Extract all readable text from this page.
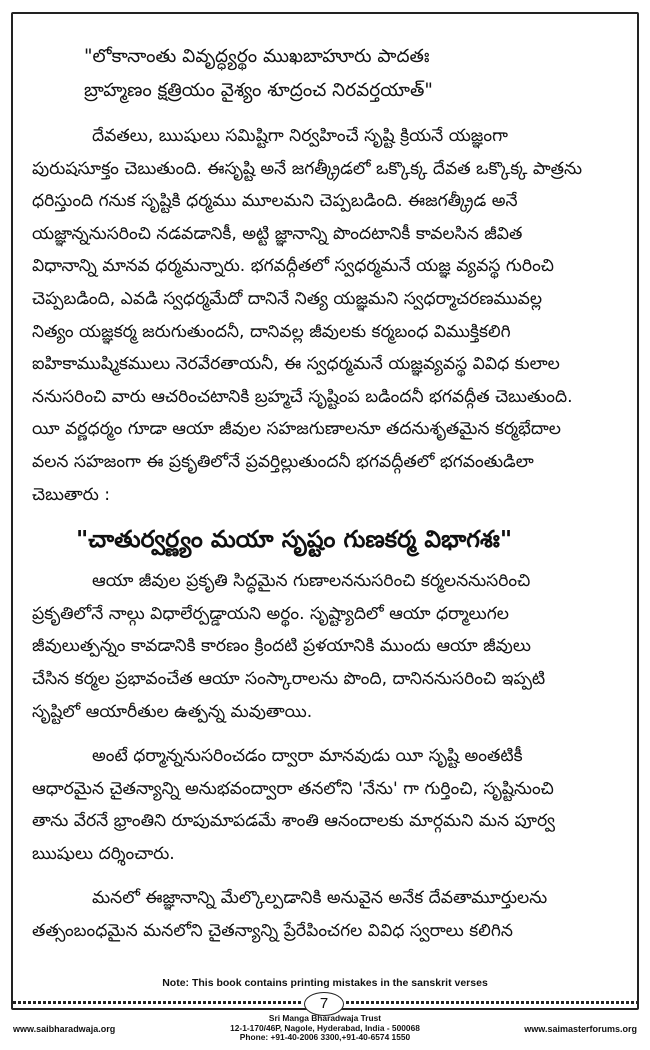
"లోకానాంతు వివృద్ధ్యర్థం ముఖబాహూరు పాదతః
బ్రాహ్మణం క్షత్రియం వైశ్యం శూద్రంచ నిరవర్తయాత్"

దేవతలు, ఋషులు సమిష్టిగా నిర్వహించే సృష్టి క్రియనే యజ్ఞంగా
పురుషసూక్తం చెబుతుంది. ఈసృష్టి అనే జగత్క్రీడలో ఒక్కొక్క దేవత ఒక్కొక్క పాత్రను
ధరిస్తుంది గనుక సృష్టికి ధర్మము మూలమని చెప్పబడింది. ఈజగత్క్రీడ అనే
యజ్ఞాన్ననుసరించి నడవడానికీ, అట్టి జ్ఞానాన్ని పొందటానికీ కావలసిన జీవిత
విధానాన్ని మానవ ధర్మమన్నారు. భగవద్గీతలో స్వధర్మమనే యజ్ఞ వ్యవస్థ గురించి
చెప్పబడింది, ఎవడి స్వధర్మమేదో దానినే నిత్య యజ్ఞమని స్వధర్మాచరణమువల్ల
నిత్యం యజ్ఞకర్మ జరుగుతుందనీ, దానివల్ల జీవులకు కర్మబంధ విముక్తికలిగి
ఐహికాముష్మికములు నెరవేరతాయనీ, ఈ స్వధర్మమనే యజ్ఞవ్యవస్థ వివిధ కులాల
ననుసరించి వారు ఆచరించటానికి బ్రహ్మచే సృష్టింప బడిందనీ భగవద్గీత చెబుతుంది.
యీ వర్ణధర్మం గూడా ఆయా జీవుల సహజగుణాలనూ తదనుశృతమైన కర్మభేదాల
వలన సహజంగా ఈ ప్రకృతిలోనే ప్రవర్తిల్లుతుందనీ భగవద్గీతలో భగవంతుడిలా
చెబుతారు :

"చాతుర్వర్ణ్యం మయా సృష్టం గుణకర్మ విభాగశః"

ఆయా జీవుల ప్రకృతి సిద్ధమైన గుణాలననుసరించి కర్మలననుసరించి
ప్రకృతిలోనే నాల్గు విధాలేర్పడ్డాయని అర్థం. సృష్ట్యాదిలో ఆయా ధర్మాలుగల
జీవులుత్పన్నం కావడానికి కారణం క్రిందటి ప్రళయానికి ముందు ఆయా జీవులు
చేసిన కర్మల ప్రభావంచేత ఆయా సంస్కారాలను పొంది, దానిననుసరించి ఇప్పటి
సృష్టిలో ఆయారీతుల ఉత్పన్న మవుతాయి.

అంటే ధర్మాన్ననుసరించడం ద్వారా మానవుడు యీ సృష్టి అంతటికీ
ఆధారమైన చైతన్యాన్ని అనుభవంద్వారా తనలోని 'నేను' గా గుర్తించి, సృష్టినుంచి
తాను వేరనే భ్రాంతిని రూపుమాపడమే శాంతి ఆనందాలకు మార్గమని మన పూర్వ
ఋషులు దర్శించారు.

మనలో ఈజ్ఞానాన్ని మేల్కొల్పడానికి అనువైన అనేక దేవతామూర్తులను
తత్సంబంధమైన మనలోని చైతన్యాన్ని ప్రేరేపించగల వివిధ స్వరాలు కలిగిన

Note: This book contains printing mistakes in the sanskrit verses
7
www.saibharadwaja.org
Sri Manga Bharadwaja Trust
12-1-170/46P, Nagole, Hyderabad, India - 500068
Phone: +91-40-2006 3300,+91-40-6574 1550
www.saimasterforums.org
